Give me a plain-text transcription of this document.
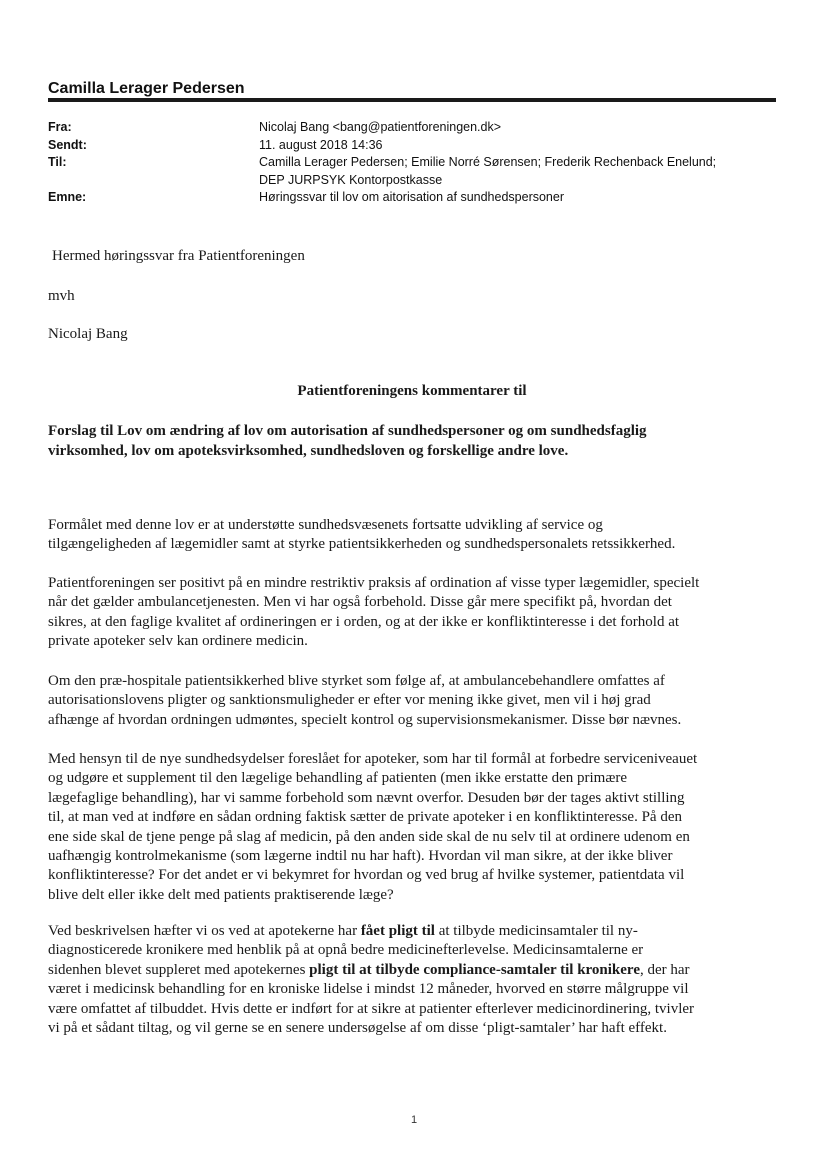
Camilla Lerager Pedersen
Fra:	Nicolaj Bang <bang@patientforeningen.dk>
Sendt:	11. august 2018 14:36
Til:	Camilla Lerager Pedersen; Emilie Norré Sørensen; Frederik Rechenback Enelund;
DEP JURPSYK Kontorpostkasse
Emne:	Høringssvar til lov om aitorisation af sundhedspersoner
Hermed høringssvar fra Patientforeningen
mvh
Nicolaj Bang
Patientforeningens kommentarer til
Forslag til Lov om ændring af lov om autorisation af sundhedspersoner og om sundhedsfaglig
virksomhed, lov om apoteksvirksomhed, sundhedsloven og forskellige andre love.
Formålet med denne lov er at understøtte sundhedsvæsenets fortsatte udvikling af service og
tilgængeligheden af lægemidler samt at styrke patientsikkerheden og sundhedspersonalets retssikkerhed.
Patientforeningen ser positivt på en mindre restriktiv praksis af ordination af visse typer lægemidler, specielt
når det gælder ambulancetjenesten. Men vi har også forbehold. Disse går mere specifikt på, hvordan det
sikres, at den faglige kvalitet af ordineringen er i orden, og at der ikke er konfliktinteresse i det forhold at
private apoteker selv kan ordinere medicin.
Om den præ-hospitale patientsikkerhed blive styrket som følge af, at ambulancebehandlere omfattes af
autorisationslovens pligter og sanktionsmuligheder er efter vor mening ikke givet, men vil i høj grad
afhænge af hvordan ordningen udmøntes, specielt kontrol og supervisionsmekanismer. Disse bør nævnes.
Med hensyn til de nye sundhedsydelser foreslået for apoteker, som har til formål at forbedre serviceniveauet
og udgøre et supplement til den lægelige behandling af patienten (men ikke erstatte den primære
lægefaglige behandling), har vi samme forbehold som nævnt overfor. Desuden bør der tages aktivt stilling
til, at man ved at indføre en sådan ordning faktisk sætter de private apoteker i en konfliktinteresse. På den
ene side skal de tjene penge på slag af medicin, på den anden side skal de nu selv til at ordinere udenom en
uafhængig kontrolmekanisme (som lægerne indtil nu har haft). Hvordan vil man sikre, at der ikke bliver
konfliktinteresse? For det andet er vi bekymret for hvordan og ved brug af hvilke systemer, patientdata vil
blive delt eller ikke delt med patients praktiserende læge?
Ved beskrivelsen hæfter vi os ved at apotekerne har fået pligt til at tilbyde medicinsamtaler til ny-
diagnosticerede kronikere med henblik på at opnå bedre medicinefterlevelse. Medicinsamtalerne er
sidenhen blevet suppleret med apotekernes pligt til at tilbyde compliance-samtaler til kronikere, der har
været i medicinsk behandling for en kroniske lidelse i mindst 12 måneder, hvorved en større målgruppe vil
være omfattet af tilbuddet. Hvis dette er indført for at sikre at patienter efterlever medicinordinering, tvivler
vi på et sådant tiltag, og vil gerne se en senere undersøgelse af om disse ‘pligt-samtaler’ har haft effekt.
1
